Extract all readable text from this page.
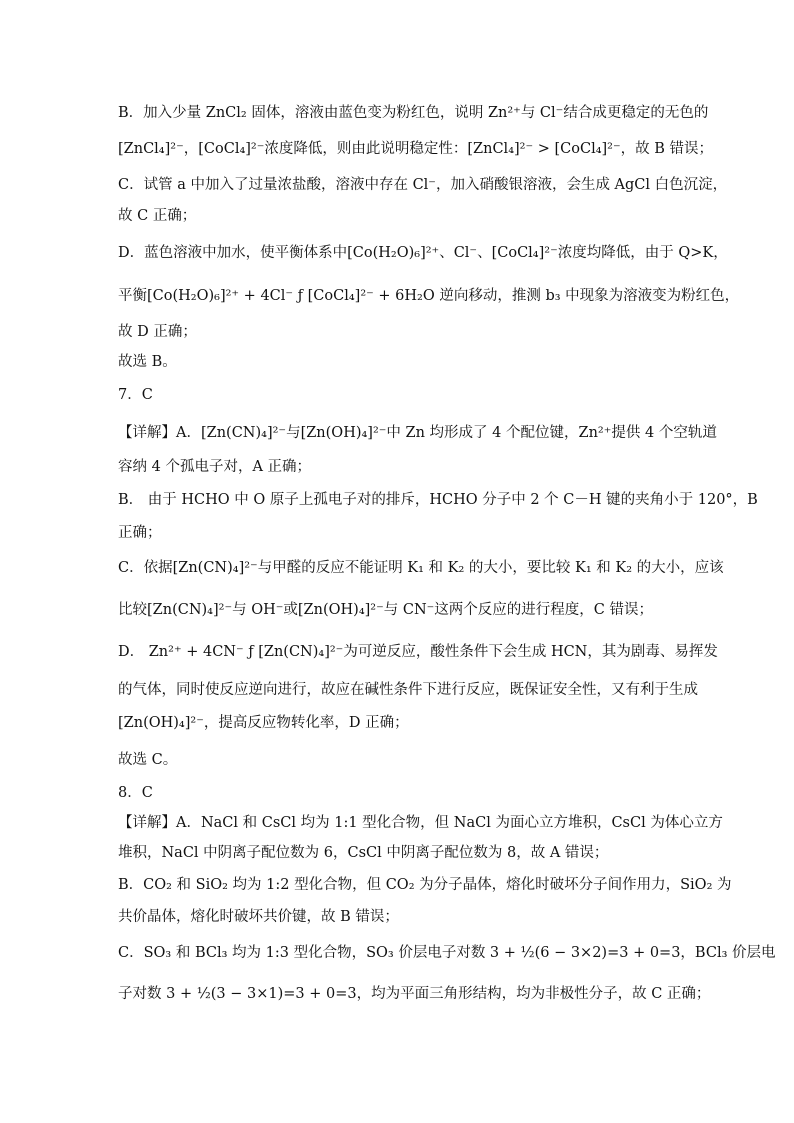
B．加入少量 ZnCl₂ 固体，溶液由蓝色变为粉红色，说明 Zn²⁺与 Cl⁻结合成更稳定的无色的
[ZnCl₄]²⁻，[CoCl₄]²⁻浓度降低，则由此说明稳定性：[ZnCl₄]²⁻ > [CoCl₄]²⁻，故 B 错误；
C．试管 a 中加入了过量浓盐酸，溶液中存在 Cl⁻，加入硝酸银溶液，会生成 AgCl 白色沉淀，
故 C 正确；
D．蓝色溶液中加水，使平衡体系中[Co(H₂O)₆]²⁺、Cl⁻、[CoCl₄]²⁻浓度均降低，由于 Q>K，
平衡[Co(H₂O)₆]²⁺ + 4Cl⁻ ƒ [CoCl₄]²⁻ + 6H₂O 逆向移动，推测 b₃ 中现象为溶液变为粉红色，
故 D 正确；
故选 B。
7．C
【详解】A．[Zn(CN)₄]²⁻与[Zn(OH)₄]²⁻中 Zn 均形成了 4 个配位键，Zn²⁺提供 4 个空轨道
容纳 4 个孤电子对，A 正确；
B． 由于 HCHO 中 O 原子上孤电子对的排斥，HCHO 分子中 2 个 C－H 键的夹角小于 120°，B
正确；
C．依据[Zn(CN)₄]²⁻与甲醛的反应不能证明 K₁ 和 K₂ 的大小，要比较 K₁ 和 K₂ 的大小，应该
比较[Zn(CN)₄]²⁻与 OH⁻或[Zn(OH)₄]²⁻与 CN⁻这两个反应的进行程度，C 错误；
D． Zn²⁺ + 4CN⁻ ƒ [Zn(CN)₄]²⁻为可逆反应，酸性条件下会生成 HCN，其为剧毒、易挥发
的气体，同时使反应逆向进行，故应在碱性条件下进行反应，既保证安全性，又有利于生成
[Zn(OH)₄]²⁻，提高反应物转化率，D 正确；
故选 C。
8．C
【详解】A．NaCl 和 CsCl 均为 1:1 型化合物，但 NaCl 为面心立方堆积，CsCl 为体心立方
堆积，NaCl 中阴离子配位数为 6，CsCl 中阴离子配位数为 8，故 A 错误；
B．CO₂ 和 SiO₂ 均为 1:2 型化合物，但 CO₂ 为分子晶体，熔化时破坏分子间作用力，SiO₂ 为
共价晶体，熔化时破坏共价键，故 B 错误；
C．SO₃ 和 BCl₃ 均为 1:3 型化合物，SO₃ 价层电子对数 3 + ½(6 − 3×2)=3 + 0=3，BCl₃ 价层电
子对数 3 + ½(3 − 3×1)=3 + 0=3，均为平面三角形结构，均为非极性分子，故 C 正确；
